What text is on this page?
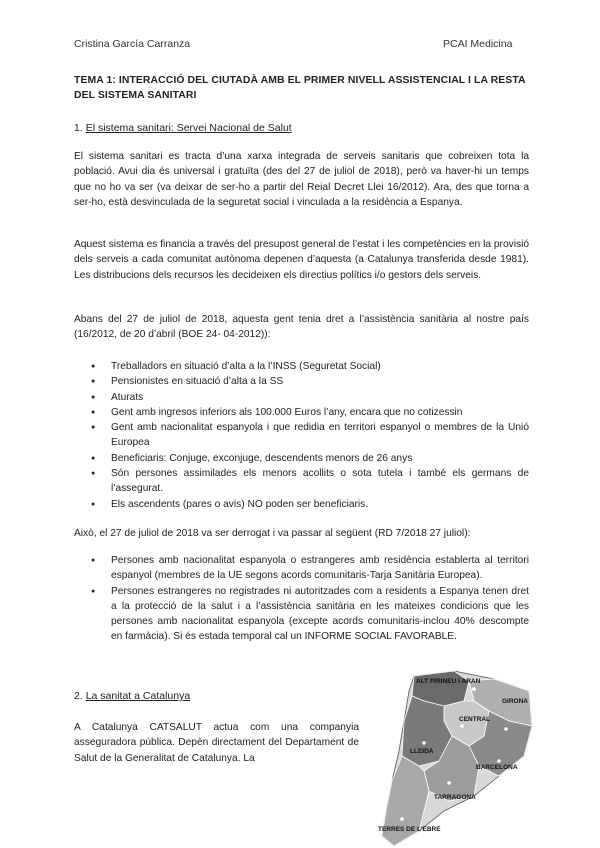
Cristina García Carranza	PCAI Medicina
TEMA 1: INTERACCIÓ DEL CIUTADÀ AMB EL PRIMER NIVELL ASSISTENCIAL I LA RESTA DEL SISTEMA SANITARI
1. El sistema sanitari: Servei Nacional de Salut
El sistema sanitari es tracta d’una xarxa integrada de serveis sanitaris que cobreixen tota la població. Avui dia és universal i gratuïta (des del 27 de juliol de 2018), però va haver-hi un temps que no ho va ser (va deixar de ser-ho a partir del Reial Decret Llei 16/2012). Ara, des que torna a ser-ho, està desvinculada de la seguretat social i vinculada a la residència a Espanya.
Aquest sistema es financia a través del presupost general de l’estat i les competències en la provisió dels serveis a cada comunitat autònoma depenen d’aquesta (a Catalunya transferida desde 1981). Les distribucions dels recursos les decideixen els directius polítics i/o gestors dels serveis.
Abans del 27 de juliol de 2018, aquesta gent tenia dret a l’assistència sanitària al nostre país (16/2012, de 20 d’abril (BOE 24- 04-2012)):
● Treballadors en situació d’alta a la l’INSS (Seguretat Social)
● Pensionistes en situació d’alta a la SS
● Aturats
● Gent amb ingresos inferiors als 100.000 Euros l’any, encara que no cotizessin
● Gent amb nacionalitat espanyola i que redidia en territori espanyol o membres de la Unió Europea
● Beneficiaris: Conjuge, exconjuge, descendents menors de 26 anys
● Són persones assimilades els menors acollits o sota tutela i també els germans de l’assegurat.
● Els ascendents (pares o avis) NO poden ser beneficiaris.
Això, el 27 de juliol de 2018 va ser derrogat i va passar al següent (RD 7/2018 27 juliol):
● Persones amb nacionalitat espanyola o estrangeres amb residència establerta al territori espanyol (membres de la UE segons acords comunitaris-Tarja Sanitària Europea).
● Persones estrangeres no registrades ni autoritzades com a residents a Espanya tenen dret a la protecció de la salut i a l’assistència sanitària en les mateixes condicions que les persones amb nacionalitat espanyola (excepte acords comunitaris-inclou 40% descompte en farmàcia). Si és estada temporal cal un INFORME SOCIAL FAVORABLE.
2. La sanitat a Catalunya
A Catalunya CATSALUT actua com una companyia asseguradora pública. Depèn directament del Departament de Salut de la Generalitat de Catalunya. La
ALT PIRINEU I ARAN
GIRONA
CENTRAL
LLEIDA
BARCELONA
TARRAGONA
TERRES DE L'EBRE
